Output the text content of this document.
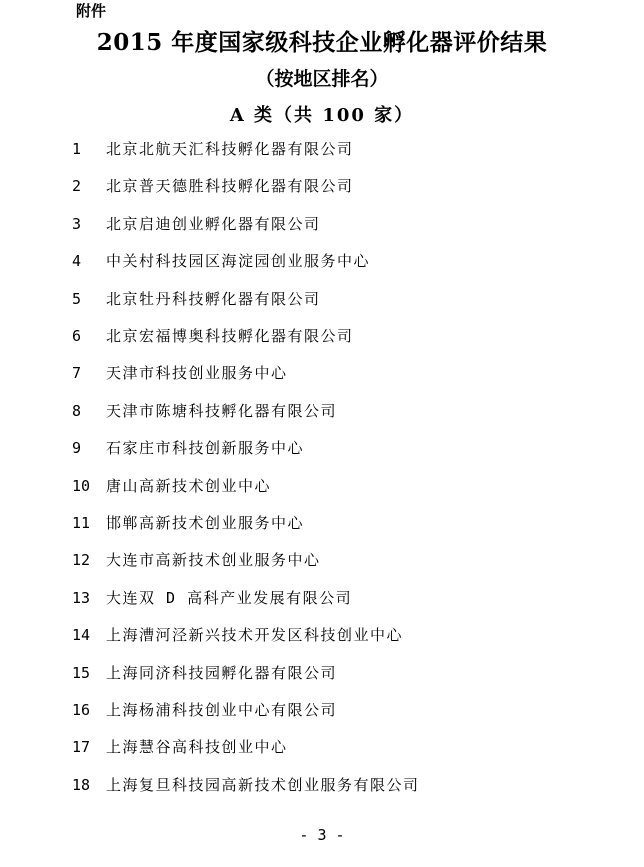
附件
2015 年度国家级科技企业孵化器评价结果
（按地区排名）
A 类（共 100 家）
1	北京北航天汇科技孵化器有限公司
2	北京普天德胜科技孵化器有限公司
3	北京启迪创业孵化器有限公司
4	中关村科技园区海淀园创业服务中心
5	北京牡丹科技孵化器有限公司
6	北京宏福博奥科技孵化器有限公司
7	天津市科技创业服务中心
8	天津市陈塘科技孵化器有限公司
9	石家庄市科技创新服务中心
10	唐山高新技术创业中心
11	邯郸高新技术创业服务中心
12	大连市高新技术创业服务中心
13	大连双 D 高科产业发展有限公司
14	上海漕河泾新兴技术开发区科技创业中心
15	上海同济科技园孵化器有限公司
16	上海杨浦科技创业中心有限公司
17	上海慧谷高科技创业中心
18	上海复旦科技园高新技术创业服务有限公司
- 3 -
